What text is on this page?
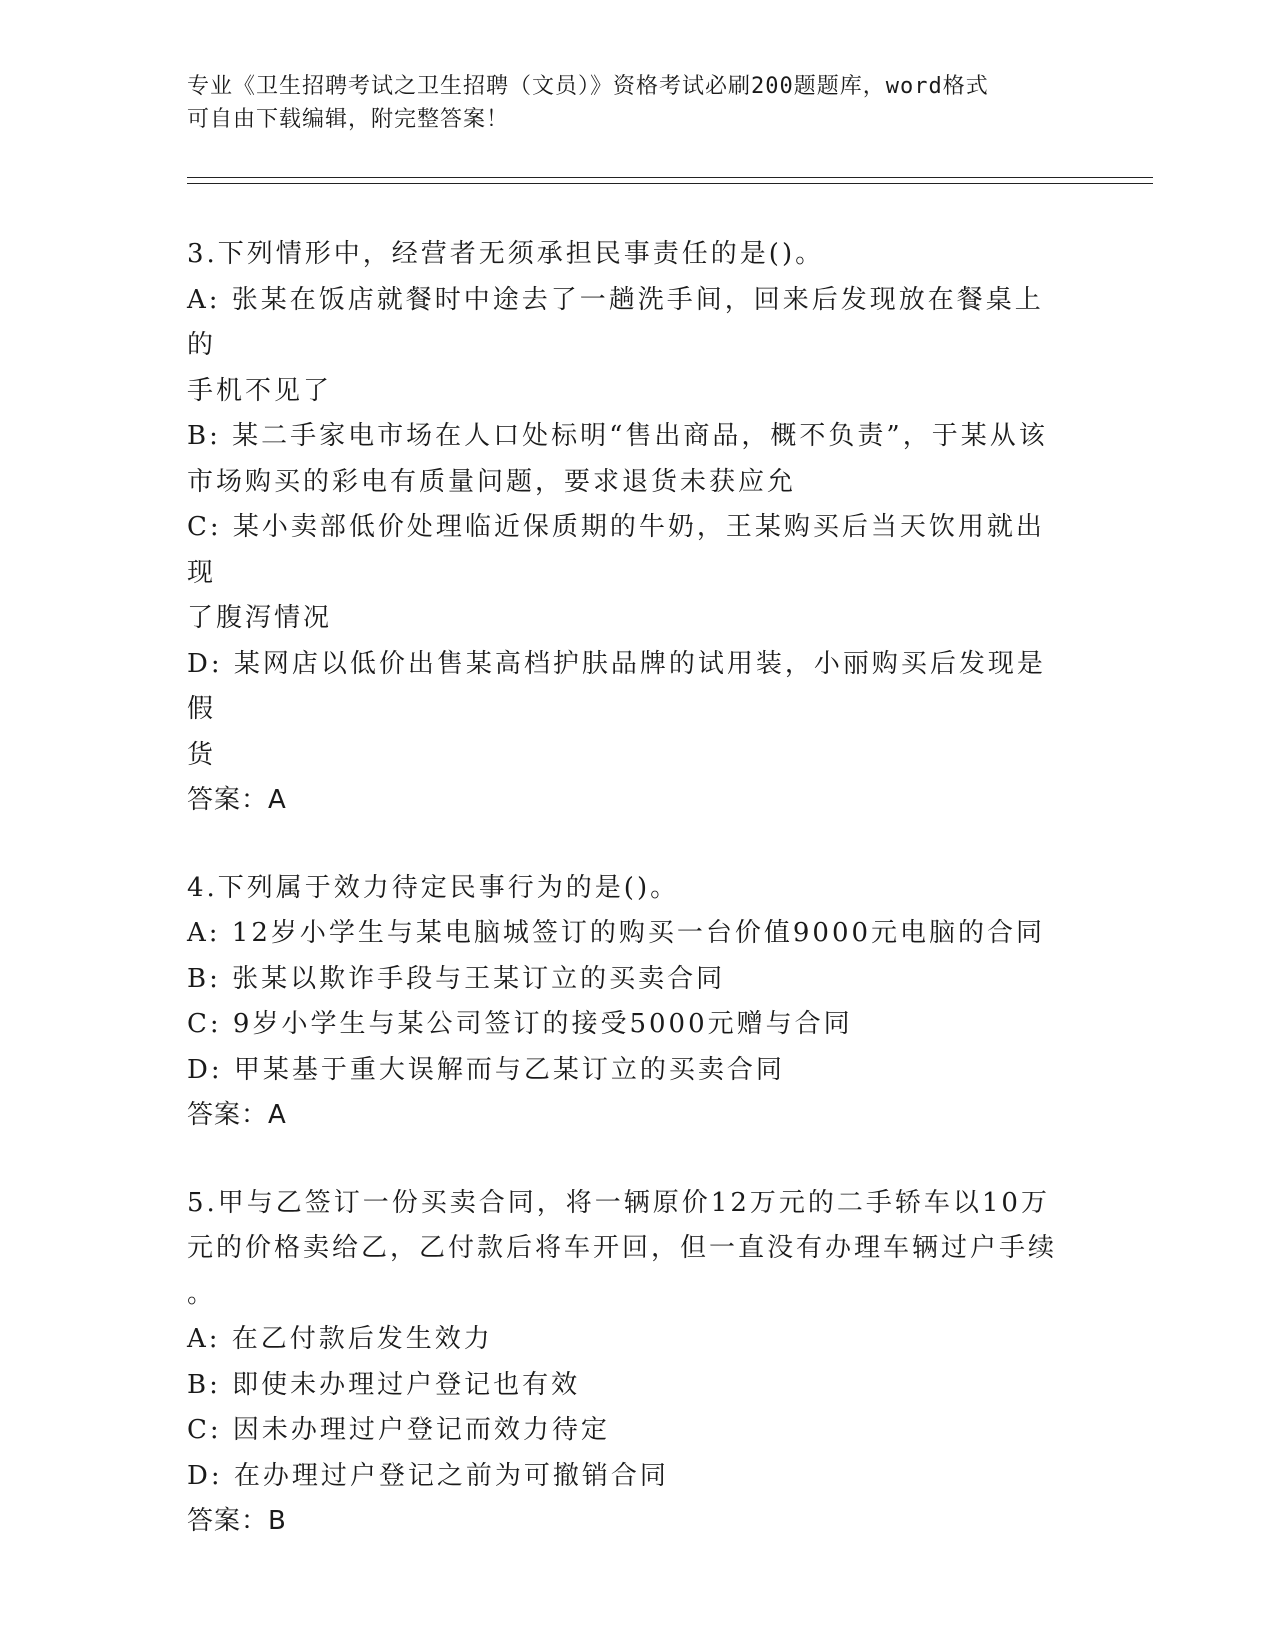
专业《卫生招聘考试之卫生招聘（文员）》资格考试必刷200题题库，word格式
可自由下载编辑，附完整答案！

3.下列情形中，经营者无须承担民事责任的是()。

A: 张某在饭店就餐时中途去了一趟洗手间，回来后发现放在餐桌上的

手机不见了

B: 某二手家电市场在人口处标明“售出商品，概不负责”，于某从该

市场购买的彩电有质量问题，要求退货未获应允

C: 某小卖部低价处理临近保质期的牛奶，王某购买后当天饮用就出现

了腹泻情况

D: 某网店以低价出售某高档护肤品牌的试用装，小丽购买后发现是假

货

答案：A

4.下列属于效力待定民事行为的是()。

A: 12岁小学生与某电脑城签订的购买一台价值9000元电脑的合同

B: 张某以欺诈手段与王某订立的买卖合同

C: 9岁小学生与某公司签订的接受5000元赠与合同

D: 甲某基于重大误解而与乙某订立的买卖合同

答案：A

5.甲与乙签订一份买卖合同，将一辆原价12万元的二手轿车以10万

元的价格卖给乙，乙付款后将车开回，但一直没有办理车辆过户手续

。

A: 在乙付款后发生效力

B: 即使未办理过户登记也有效

C: 因未办理过户登记而效力待定

D: 在办理过户登记之前为可撤销合同

答案：B
